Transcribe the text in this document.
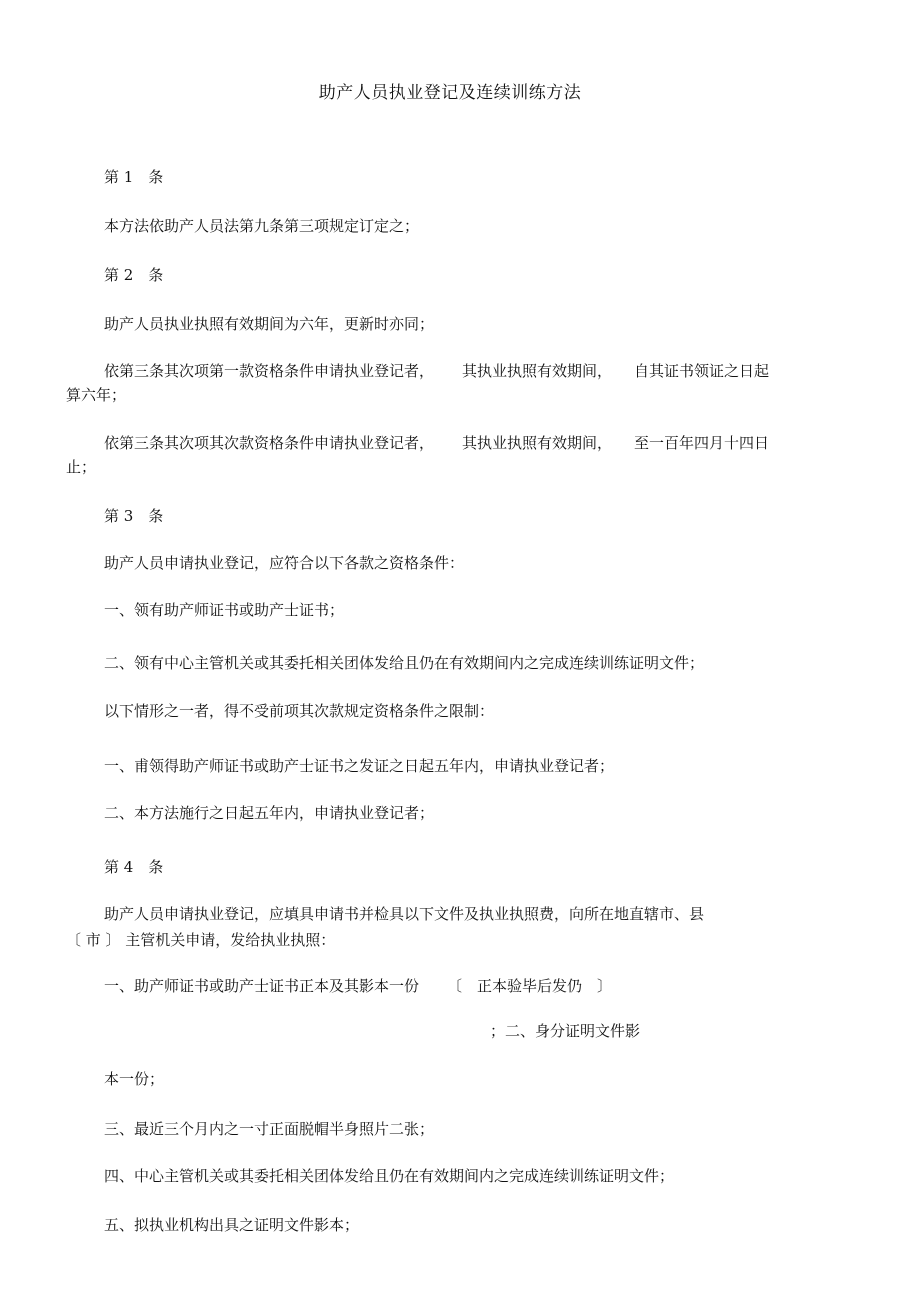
助产人员执业登记及连续训练方法
第 1　条
本方法依助产人员法第九条第三项规定订定之；
第 2　条
助产人员执业执照有效期间为六年，更新时亦同；
依第三条其次项第一款资格条件申请执业登记者， 其执业执照有效期间， 自其证书领证之日起
算六年；
依第三条其次项其次款资格条件申请执业登记者， 其执业执照有效期间， 至一百年四月十四日
止；
第 3　条
助产人员申请执业登记，应符合以下各款之资格条件：
一、领有助产师证书或助产士证书；
二、领有中心主管机关或其委托相关团体发给且仍在有效期间内之完成连续训练证明文件；
以下情形之一者，得不受前项其次款规定资格条件之限制：
一、甫领得助产师证书或助产士证书之发证之日起五年内，申请执业登记者；
二、本方法施行之日起五年内，申请执业登记者；
第 4　条
助产人员申请执业登记，应填具申请书并检具以下文件及执业执照费，向所在地直辖市、县
〔 市 〕 主管机关申请，发给执业执照：
一、助产师证书或助产士证书正本及其影本一份 〔　正本验毕后发仍　〕
；二、身分证明文件影
本一份；
三、最近三个月内之一寸正面脱帽半身照片二张；
四、中心主管机关或其委托相关团体发给且仍在有效期间内之完成连续训练证明文件；
五、拟执业机构出具之证明文件影本；
